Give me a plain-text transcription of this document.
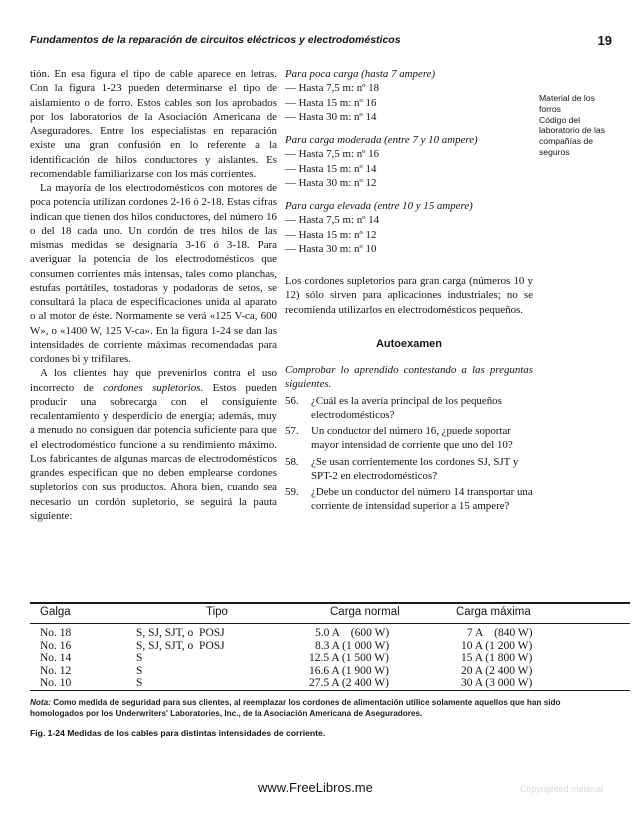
Fundamentos de la reparación de circuitos eléctricos y electrodomésticos	19

tión. En esa figura el tipo de cable aparece en letras. Con la figura 1-23 pueden determinarse el tipo de aislamiento o de forro. Estos cables son los aprobados por los laboratorios de la Asociación Americana de Aseguradores. Entre los especialistas en reparación existe una gran confusión en lo referente a la identificación de hilos conductores y aislantes. Es recomendable familiarizarse con los más corrientes.

La mayoría de los electrodomésticos con motores de poca potencia utilizan cordones 2-16 ó 2-18. Estas cifras indican que tienen dos hilos conductores, del número 16 o del 18 cada uno. Un cordón de tres hilos de las mismas medidas se designaría 3-16 ó 3-18. Para averiguar la potencia de los electrodomésticos que consumen corrientes más intensas, tales como planchas, estufas portátiles, tostadoras y podadoras de setos, se consultará la placa de especificaciones unida al aparato o al motor de éste. Normamente se verá «125 V-ca, 600 W», o «1400 W, 125 V-ca». En la figura 1-24 se dan las intensidades de corriente máximas recomendadas para cordones bi y trifilares.

A los clientes hay que prevenirlos contra el uso incorrecto de cordones supletorios. Estos pueden producir una sobrecarga con el consiguiente recalentamiento y desperdicio de energía; además, muy a menudo no consiguen dar potencia suficiente para que el electrodoméstico funcione a su rendimiento máximo. Los fabricantes de algunas marcas de electrodomésticos grandes especifican que no deben emplearse cordones supletorios con sus productos. Ahora bien, cuando sea necesario un cordón supletorio, se seguirá la pauta siguiente:

Para poca carga (hasta 7 ampere)
— Hasta 7,5 m: nº 18
— Hasta 15 m: nº 16
— Hasta 30 m: nº 14
Para carga moderada (entre 7 y 10 ampere)
— Hasta 7,5 m: nº 16
— Hasta 15 m: nº 14
— Hasta 30 m: nº 12
Para carga elevada (entre 10 y 15 ampere)
— Hasta 7,5 m: nº 14
— Hasta 15 m: nº 12
— Hasta 30 m: nº 10

Los cordones supletorios para gran carga (números 10 y 12) sólo sirven para aplicaciones industriales; no se recomienda utilizarlos en electrodomésticos pequeños.

Autoexamen

Comprobar lo aprendido contestando a las preguntas siguientes.

56. ¿Cuál es la avería principal de los pequeños electrodomésticos?
57. Un conductor del número 16, ¿puede soportar mayor intensidad de corriente que uno del 10?
58. ¿Se usan corrientemente los cordones SJ, SJT y SPT-2 en electrodomésticos?
59. ¿Debe un conductor del número 14 transportar una corriente de intensidad superior a 15 ampere?
Material de los
forros
Código del
laboratorio de las
compañías de
seguros
Galga	Tipo	Carga normal	Carga máxima
No. 18	S, SJ, SJT, o  POSJ	5.0 A    (600 W)	7 A    (840 W)
No. 16	S, SJ, SJT, o  POSJ	8.3 A (1 000 W)	10 A (1 200 W)
No. 14	S	12.5 A (1 500 W)	15 A (1 800 W)
No. 12	S	16.6 A (1 900 W)	20 A (2 400 W)
No. 10	S	27.5 A (2 400 W)	30 A (3 000 W)
Nota: Como medida de seguridad para sus clientes, al reemplazar los cordones de alimentación utilice solamente aquellos que han sido homologados por los Underwriters' Laboratories, Inc., de la Asociación Americana de Aseguradores.
Fig. 1-24 Medidas de los cables para distintas intensidades de corriente.
www.FreeLibros.me	Copyrighted material
